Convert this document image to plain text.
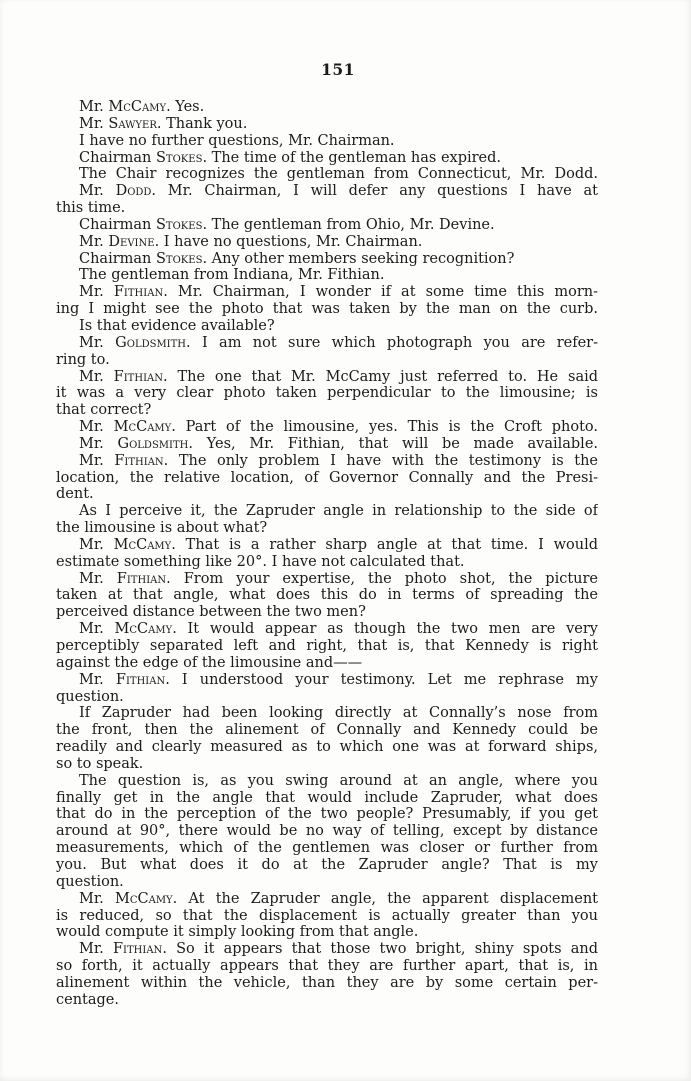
151
Mr. McCamy. Yes.
Mr. Sawyer. Thank you.
I have no further questions, Mr. Chairman.
Chairman Stokes. The time of the gentleman has expired.
The Chair recognizes the gentleman from Connecticut, Mr. Dodd.
Mr. Dodd. Mr. Chairman, I will defer any questions I have at
this time.
Chairman Stokes. The gentleman from Ohio, Mr. Devine.
Mr. Devine. I have no questions, Mr. Chairman.
Chairman Stokes. Any other members seeking recognition?
The gentleman from Indiana, Mr. Fithian.
Mr. Fithian. Mr. Chairman, I wonder if at some time this morn-
ing I might see the photo that was taken by the man on the curb.
Is that evidence available?
Mr. Goldsmith. I am not sure which photograph you are refer-
ring to.
Mr. Fithian. The one that Mr. McCamy just referred to. He said
it was a very clear photo taken perpendicular to the limousine; is
that correct?
Mr. McCamy. Part of the limousine, yes. This is the Croft photo.
Mr. Goldsmith. Yes, Mr. Fithian, that will be made available.
Mr. Fithian. The only problem I have with the testimony is the
location, the relative location, of Governor Connally and the Presi-
dent.
As I perceive it, the Zapruder angle in relationship to the side of
the limousine is about what?
Mr. McCamy. That is a rather sharp angle at that time. I would
estimate something like 20°. I have not calculated that.
Mr. Fithian. From your expertise, the photo shot, the picture
taken at that angle, what does this do in terms of spreading the
perceived distance between the two men?
Mr. McCamy. It would appear as though the two men are very
perceptibly separated left and right, that is, that Kennedy is right
against the edge of the limousine and——
Mr. Fithian. I understood your testimony. Let me rephrase my
question.
If Zapruder had been looking directly at Connally’s nose from
the front, then the alinement of Connally and Kennedy could be
readily and clearly measured as to which one was at forward ships,
so to speak.
The question is, as you swing around at an angle, where you
finally get in the angle that would include Zapruder, what does
that do in the perception of the two people? Presumably, if you get
around at 90°, there would be no way of telling, except by distance
measurements, which of the gentlemen was closer or further from
you. But what does it do at the Zapruder angle? That is my
question.
Mr. McCamy. At the Zapruder angle, the apparent displacement
is reduced, so that the displacement is actually greater than you
would compute it simply looking from that angle.
Mr. Fithian. So it appears that those two bright, shiny spots and
so forth, it actually appears that they are further apart, that is, in
alinement within the vehicle, than they are by some certain per-
centage.
